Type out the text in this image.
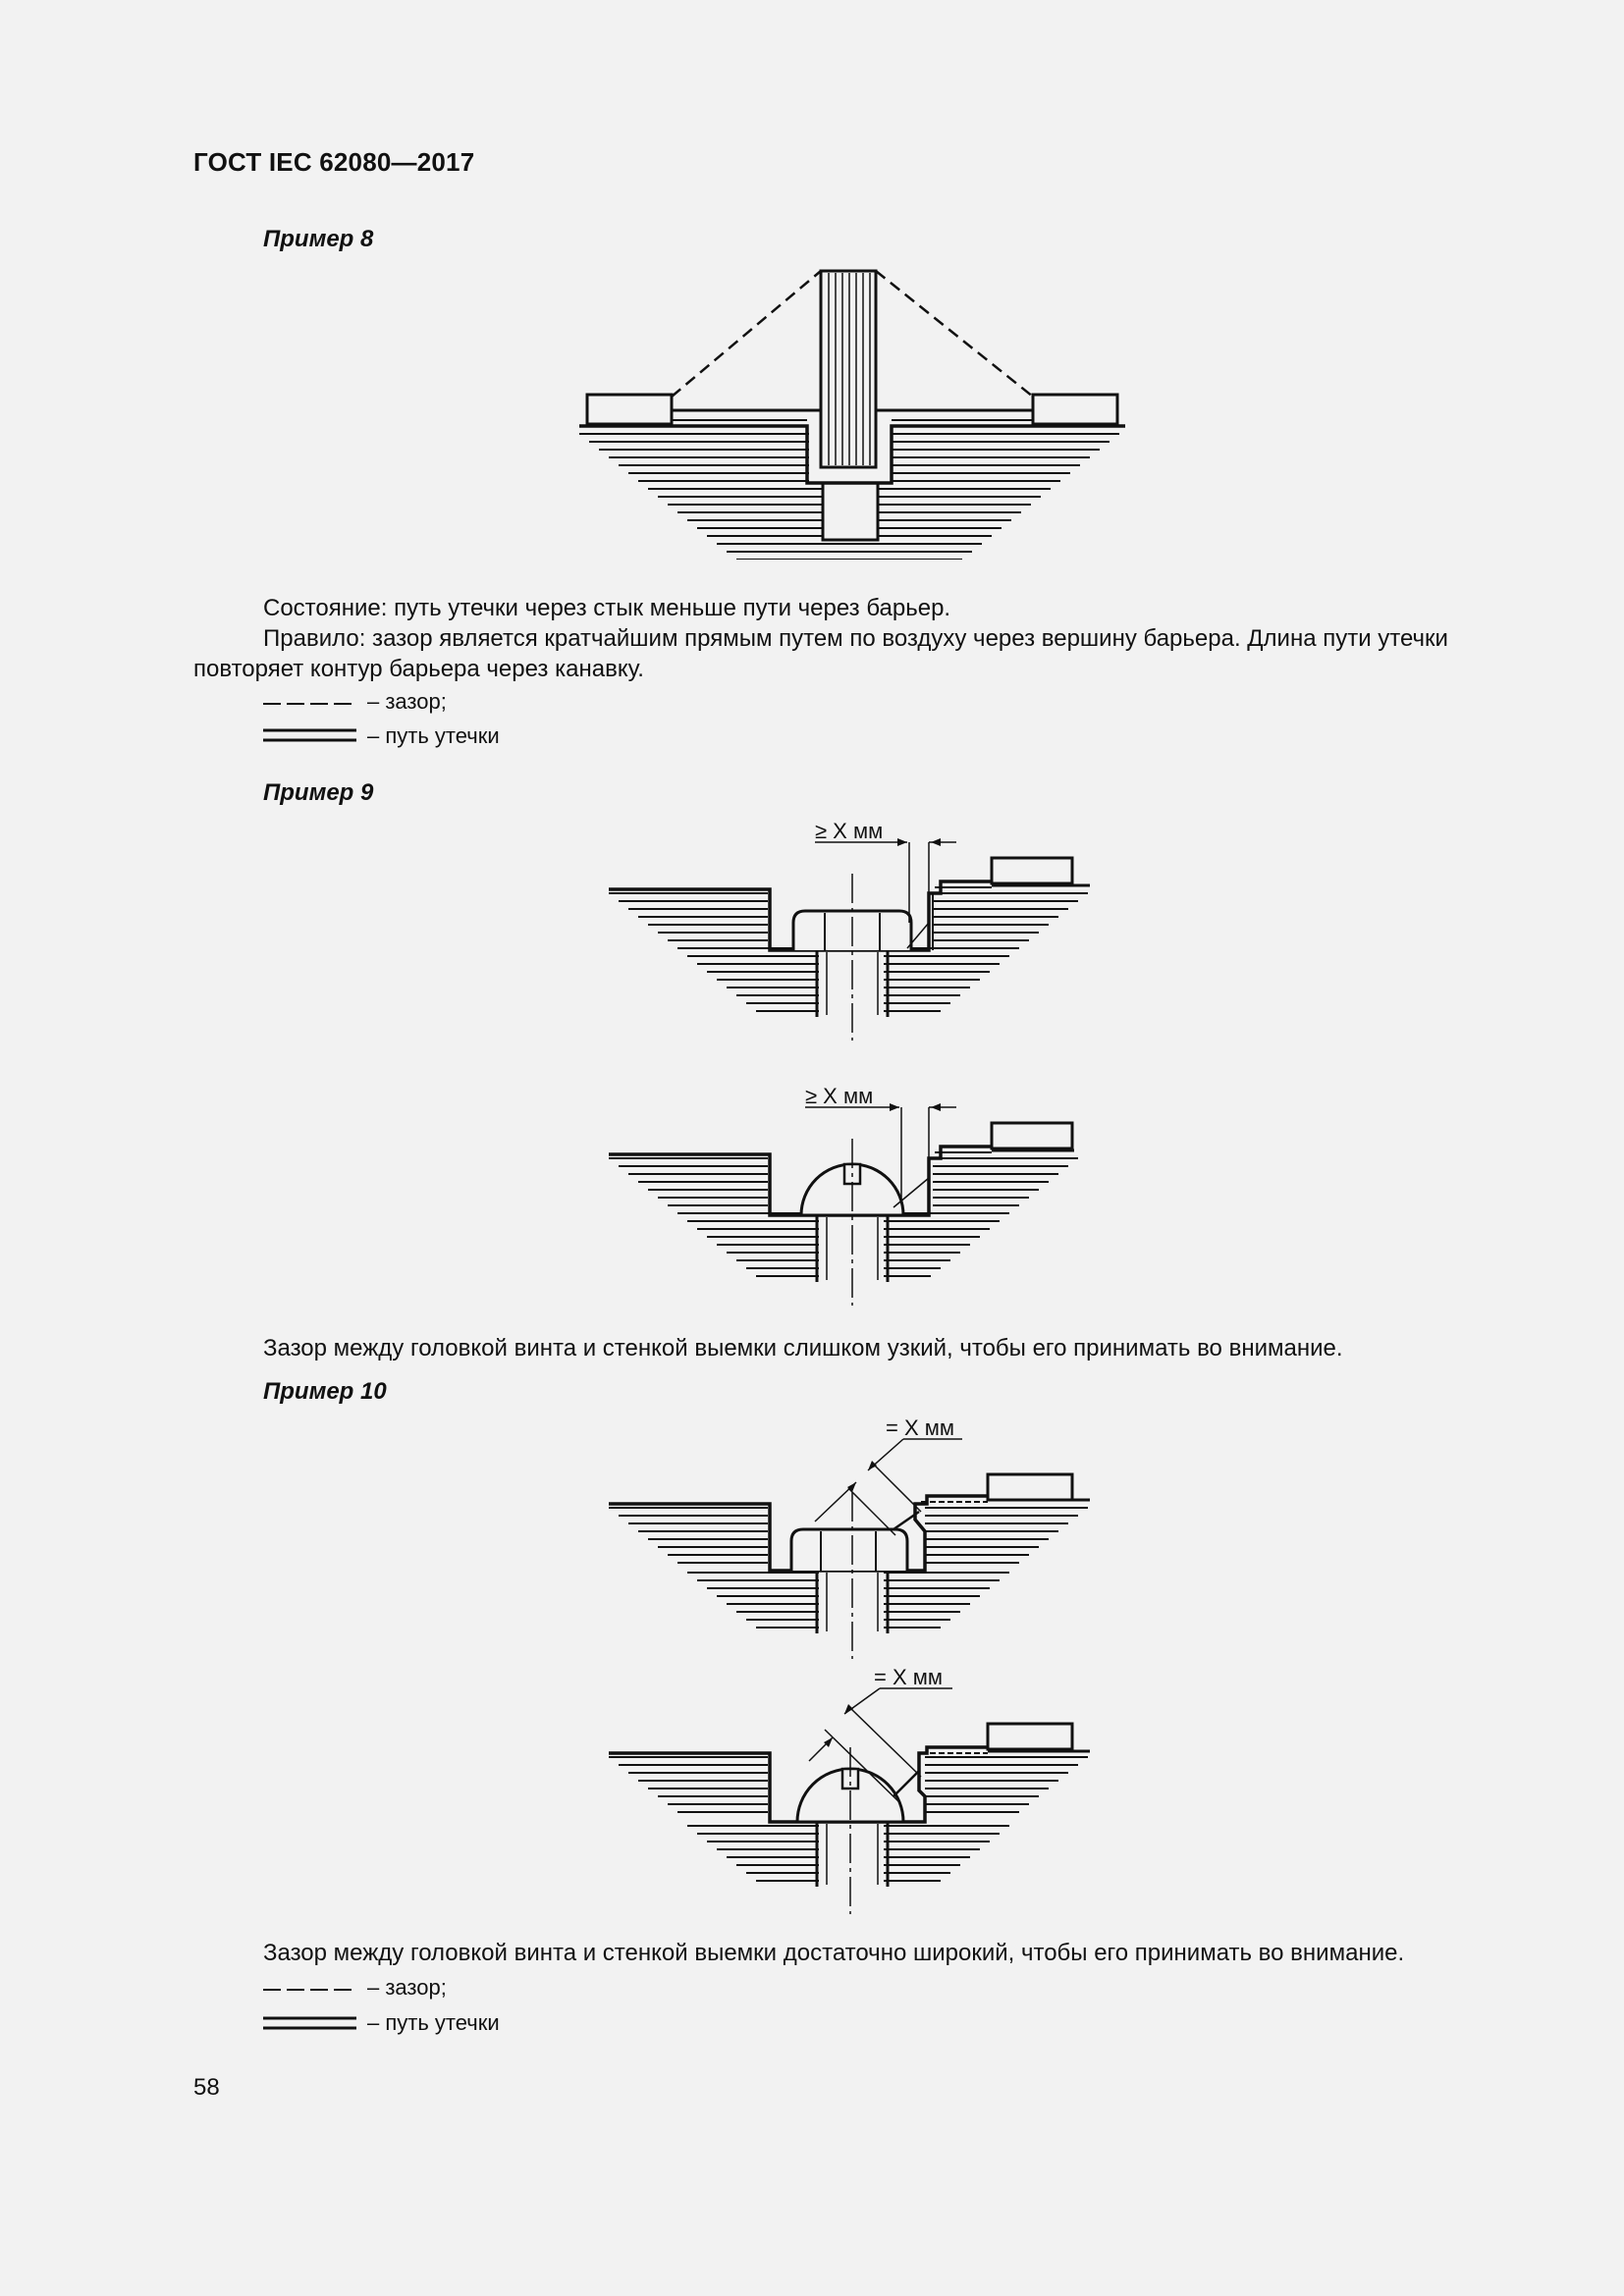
ГОСТ IEC 62080—2017
Пример 8
Состояние: путь утечки через стык меньше пути через барьер.
Правило: зазор является кратчайшим прямым путем по воздуху через вершину барьера. Длина пути утечки
повторяет контур барьера через канавку.
– зазор;
– путь утечки
Пример 9
≥ X мм
≥ X мм
Зазор между головкой винта и стенкой выемки слишком узкий, чтобы его принимать во внимание.
Пример 10
= X мм
= X мм
Зазор между головкой винта и стенкой выемки достаточно широкий, чтобы его принимать во внимание.
– зазор;
– путь утечки
58
